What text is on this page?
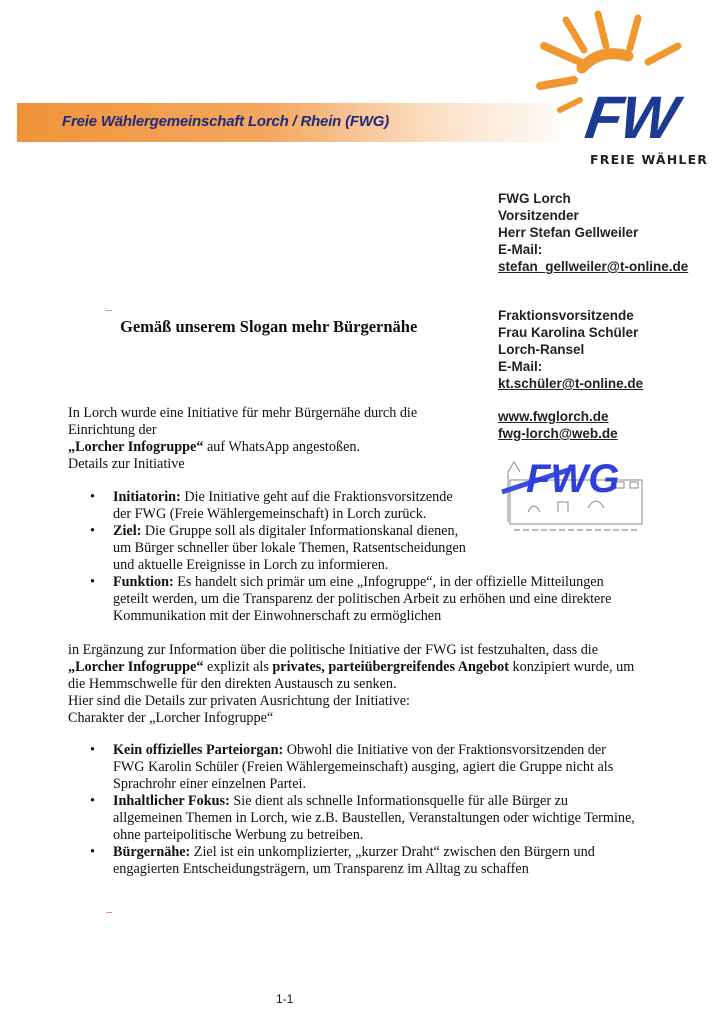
Freie Wählergemeinschaft Lorch / Rhein (FWG)	FW
FREIE WÄHLER
FWG Lorch
Vorsitzender
Herr Stefan Gellweiler
E-Mail:
stefan_gellweiler@t-online.de
Fraktionsvorsitzende
Frau Karolina Schüler
Lorch-Ransel
E-Mail:
kt.schüler@t-online.de
www.fwglorch.de
fwg-lorch@web.de
FWG
_
Gemäß unserem Slogan mehr Bürgernähe
In Lorch wurde eine Initiative für mehr Bürgernähe durch die
Einrichtung der
„Lorcher Infogruppe“ auf WhatsApp angestoßen.
Details zur Initiative
• Initiatorin: Die Initiative geht auf die Fraktionsvorsitzende
der FWG (Freie Wählergemeinschaft) in Lorch zurück.
• Ziel: Die Gruppe soll als digitaler Informationskanal dienen,
um Bürger schneller über lokale Themen, Ratsentscheidungen
und aktuelle Ereignisse in Lorch zu informieren.
• Funktion: Es handelt sich primär um eine „Infogruppe“, in der offizielle Mitteilungen
geteilt werden, um die Transparenz der politischen Arbeit zu erhöhen und eine direktere
Kommunikation mit der Einwohnerschaft zu ermöglichen
in Ergänzung zur Information über die politische Initiative der FWG ist festzuhalten, dass die
„Lorcher Infogruppe“ explizit als privates, parteiübergreifendes Angebot konzipiert wurde, um
die Hemmschwelle für den direkten Austausch zu senken.
Hier sind die Details zur privaten Ausrichtung der Initiative:
Charakter der „Lorcher Infogruppe“
• Kein offizielles Parteiorgan: Obwohl die Initiative von der Fraktionsvorsitzenden der
FWG Karolin Schüler (Freien Wählergemeinschaft) ausging, agiert die Gruppe nicht als
Sprachrohr einer einzelnen Partei.
• Inhaltlicher Fokus: Sie dient als schnelle Informationsquelle für alle Bürger zu
allgemeinen Themen in Lorch, wie z.B. Baustellen, Veranstaltungen oder wichtige Termine,
ohne parteipolitische Werbung zu betreiben.
• Bürgernähe: Ziel ist ein unkomplizierter, „kurzer Draht“ zwischen den Bürgern und
engagierten Entscheidungsträgern, um Transparenz im Alltag zu schaffen
_
1-1
